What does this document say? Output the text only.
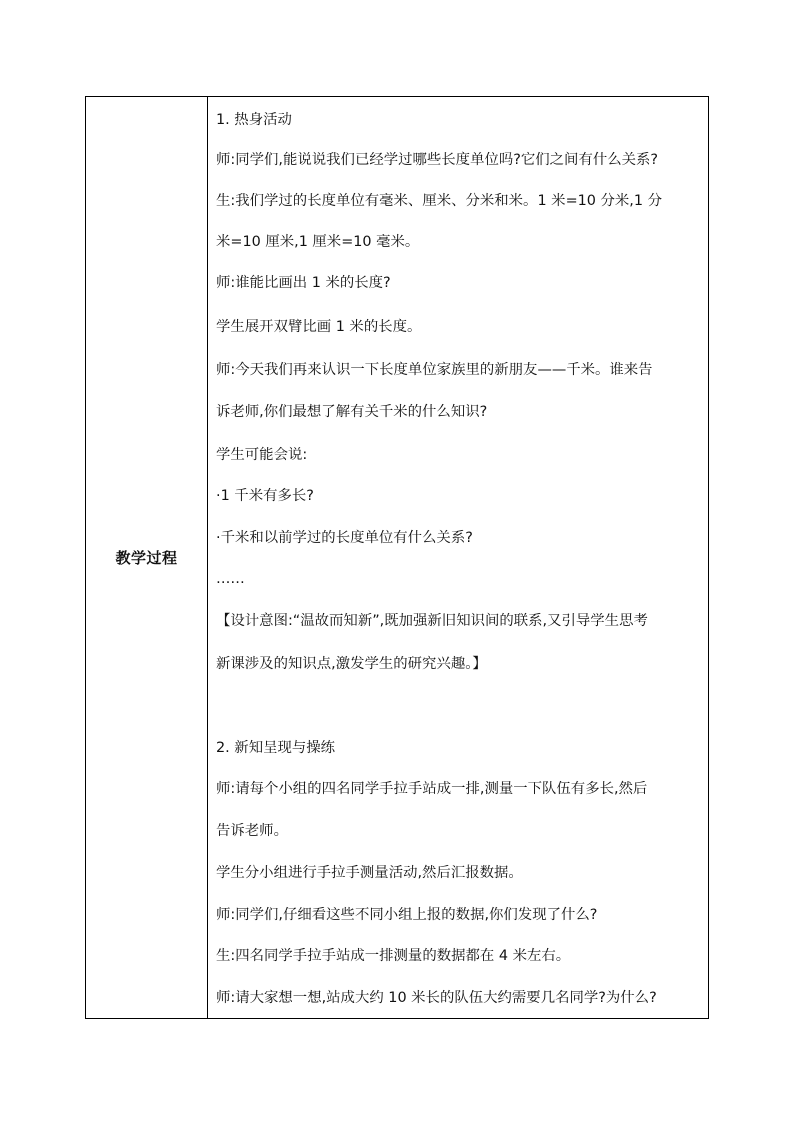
教学过程
1. 热身活动
师:同学们,能说说我们已经学过哪些长度单位吗?它们之间有什么关系?
生:我们学过的长度单位有毫米、厘米、分米和米。1 米=10 分米,1 分
米=10 厘米,1 厘米=10 毫米。
师:谁能比画出 1 米的长度?
学生展开双臂比画 1 米的长度。
师:今天我们再来认识一下长度单位家族里的新朋友——千米。谁来告
诉老师,你们最想了解有关千米的什么知识?
学生可能会说:
·1 千米有多长?
·千米和以前学过的长度单位有什么关系?
……
【设计意图:“温故而知新”,既加强新旧知识间的联系,又引导学生思考
新课涉及的知识点,激发学生的研究兴趣。】
2. 新知呈现与操练
师:请每个小组的四名同学手拉手站成一排,测量一下队伍有多长,然后
告诉老师。
学生分小组进行手拉手测量活动,然后汇报数据。
师:同学们,仔细看这些不同小组上报的数据,你们发现了什么?
生:四名同学手拉手站成一排测量的数据都在 4 米左右。
师:请大家想一想,站成大约 10 米长的队伍大约需要几名同学?为什么?
